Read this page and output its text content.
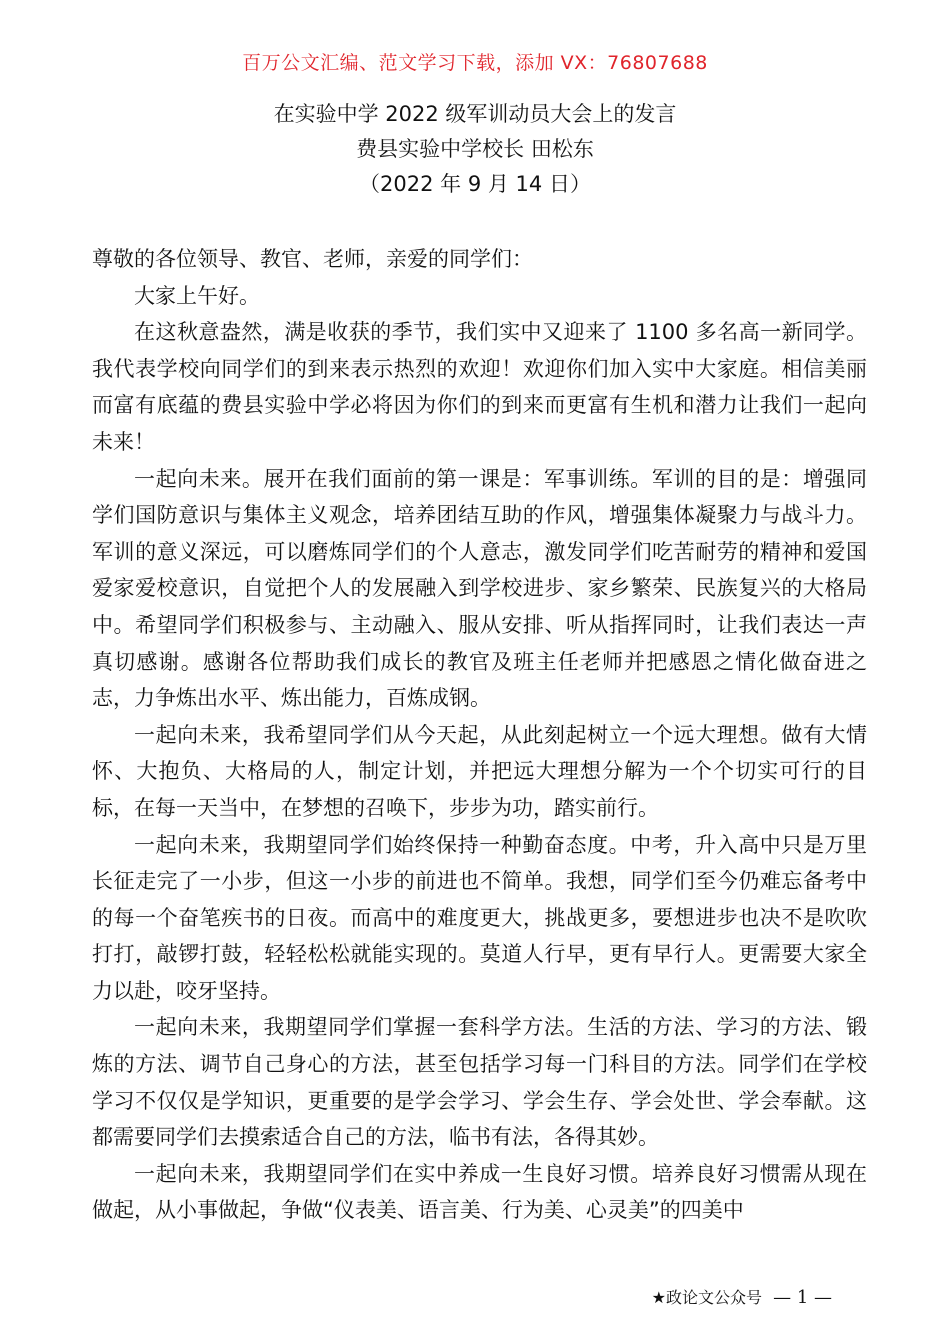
百万公文汇编、范文学习下载，添加 VX：76807688
在实验中学 2022 级军训动员大会上的发言
费县实验中学校长 田松东
（2022 年 9 月 14 日）

尊敬的各位领导、教官、老师，亲爱的同学们：

大家上午好。

在这秋意盎然，满是收获的季节，我们实中又迎来了 1100 多名高一新同学。我代表学校向同学们的到来表示热烈的欢迎！欢迎你们加入实中大家庭。相信美丽而富有底蕴的费县实验中学必将因为你们的到来而更富有生机和潜力让我们一起向未来！

一起向未来。展开在我们面前的第一课是：军事训练。军训的目的是：增强同学们国防意识与集体主义观念，培养团结互助的作风，增强集体凝聚力与战斗力。军训的意义深远，可以磨炼同学们的个人意志，激发同学们吃苦耐劳的精神和爱国爱家爱校意识，自觉把个人的发展融入到学校进步、家乡繁荣、民族复兴的大格局中。希望同学们积极参与、主动融入、服从安排、听从指挥同时，让我们表达一声真切感谢。感谢各位帮助我们成长的教官及班主任老师并把感恩之情化做奋进之志，力争炼出水平、炼出能力，百炼成钢。

一起向未来，我希望同学们从今天起，从此刻起树立一个远大理想。做有大情怀、大抱负、大格局的人，制定计划，并把远大理想分解为一个个切实可行的目标，在每一天当中，在梦想的召唤下，步步为功，踏实前行。

一起向未来，我期望同学们始终保持一种勤奋态度。中考，升入高中只是万里长征走完了一小步，但这一小步的前进也不简单。我想，同学们至今仍难忘备考中的每一个奋笔疾书的日夜。而高中的难度更大，挑战更多，要想进步也决不是吹吹打打，敲锣打鼓，轻轻松松就能实现的。莫道人行早，更有早行人。更需要大家全力以赴，咬牙坚持。

一起向未来，我期望同学们掌握一套科学方法。生活的方法、学习的方法、锻炼的方法、调节自己身心的方法，甚至包括学习每一门科目的方法。同学们在学校学习不仅仅是学知识，更重要的是学会学习、学会生存、学会处世、学会奉献。这都需要同学们去摸索适合自己的方法，临书有法，各得其妙。

一起向未来，我期望同学们在实中养成一生良好习惯。培养良好习惯需从现在做起，从小事做起，争做“仪表美、语言美、行为美、心灵美”的四美中

★政论文公众号 — 1 —
